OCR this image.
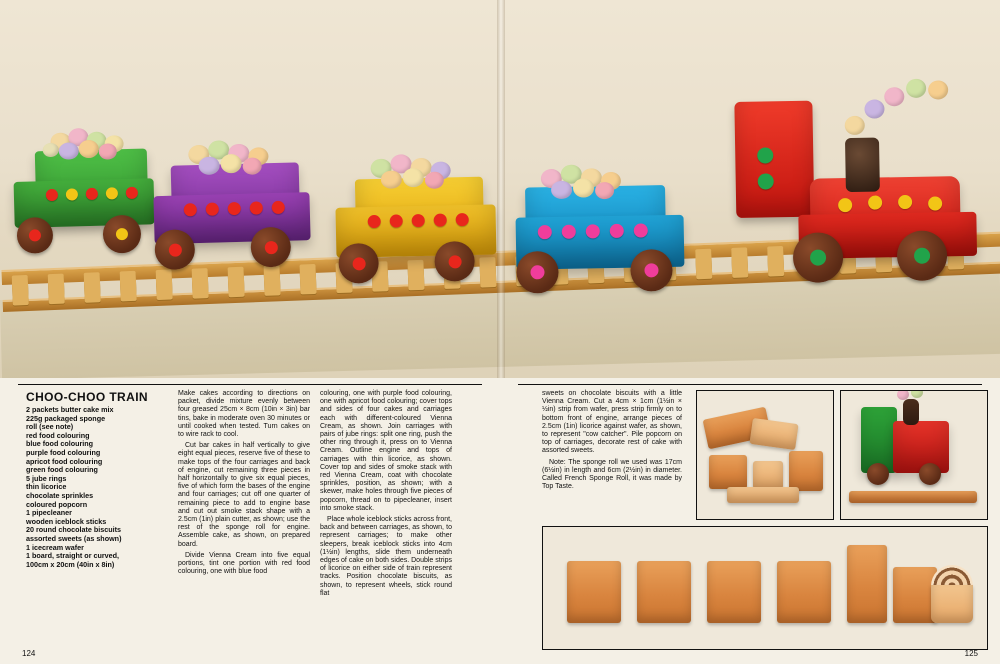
CHOO-CHOO TRAIN
2 packets butter cake mix
225g packaged sponge
roll (see note)
red food colouring
blue food colouring
purple food colouring
apricot food colouring
green food colouring
5 jube rings
thin licorice
chocolate sprinkles
coloured popcorn
1 pipecleaner
wooden iceblock sticks
20 round chocolate biscuits
assorted sweets (as shown)
1 icecream wafer
1 board, straight or curved,
100cm x 20cm (40in x 8in)

Make cakes according to directions on packet, divide mixture evenly between four greased 25cm × 8cm (10in × 3in) bar tins, bake in moderate oven 30 minutes or until cooked when tested. Turn cakes on to wire rack to cool.

Cut bar cakes in half vertically to give eight equal pieces, reserve five of these to make tops of the four carriages and back of engine, cut remaining three pieces in half horizontally to give six equal pieces, five of which form the bases of the engine and four carriages; cut off one quarter of remaining piece to add to engine base and cut out smoke stack shape with a 2.5cm (1in) plain cutter, as shown; use the rest of the sponge roll for engine. Assemble cake, as shown, on prepared board.

Divide Vienna Cream into five equal portions, tint one portion with red food colouring, one with blue food

colouring, one with purple food colouring, one with apricot food colouring; cover tops and sides of four cakes and carriages each with different-coloured Vienna Cream, as shown. Join carriages with pairs of jube rings: split one ring, push the other ring through it, press on to Vienna Cream. Outline engine and tops of carriages with thin licorice, as shown. Cover top and sides of smoke stack with red Vienna Cream, coat with chocolate sprinkles, position, as shown; with a skewer, make holes through five pieces of popcorn, thread on to pipecleaner, insert into smoke stack.

Place whole iceblock sticks across front, back and between carriages, as shown, to represent carriages; to make other sleepers, break iceblock sticks into 4cm (1½in) lengths, slide them underneath edges of cake on both sides. Double strips of licorice on either side of train represent tracks. Position chocolate biscuits, as shown, to represent wheels, stick round flat

124

sweets on chocolate biscuits with a little Vienna Cream. Cut a 4cm × 1cm (1½in × ½in) strip from wafer, press strip firmly on to bottom front of engine, arrange pieces of 2.5cm (1in) licorice against wafer, as shown, to represent "cow catcher". Pile popcorn on top of carriages, decorate rest of cake with assorted sweets.

Note: The sponge roll we used was 17cm (6½in) in length and 6cm (2½in) in diameter. Called French Sponge Roll, it was made by Top Taste.

125
